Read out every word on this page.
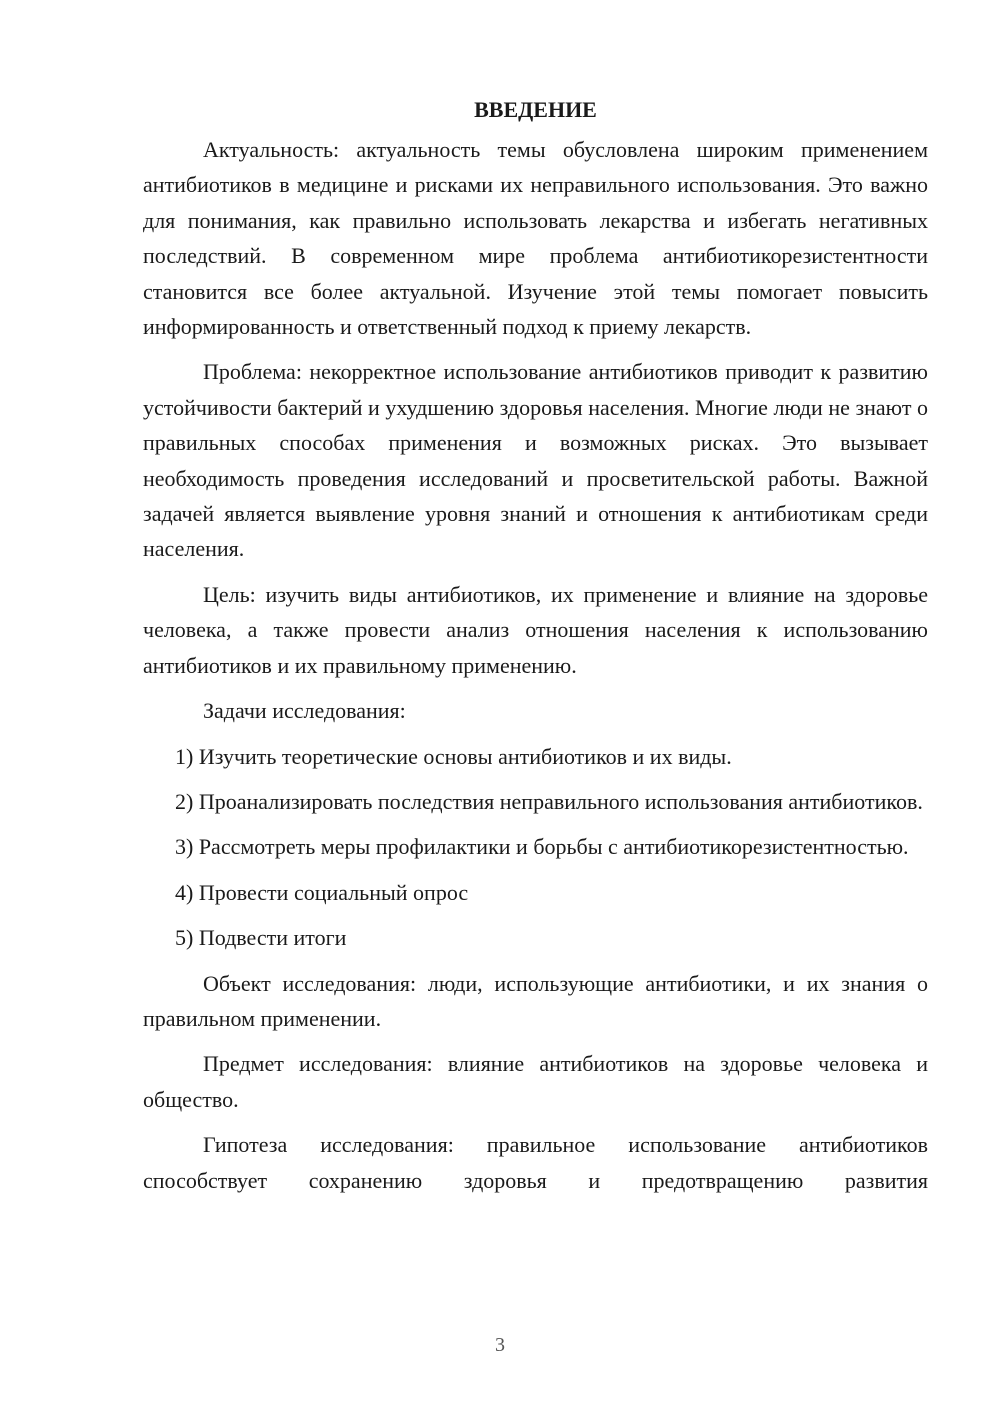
ВВЕДЕНИЕ

Актуальность: актуальность темы обусловлена широким применением антибиотиков в медицине и рисками их неправильного использования. Это важно для понимания, как правильно использовать лекарства и избегать негативных последствий. В современном мире проблема антибиотикорезистентности становится все более актуальной. Изучение этой темы помогает повысить информированность и ответственный подход к приему лекарств.

Проблема: некорректное использование антибиотиков приводит к развитию устойчивости бактерий и ухудшению здоровья населения. Многие люди не знают о правильных способах применения и возможных рисках. Это вызывает необходимость проведения исследований и просветительской работы. Важной задачей является выявление уровня знаний и отношения к антибиотикам среди населения.

Цель: изучить виды антибиотиков, их применение и влияние на здоровье человека, а также провести анализ отношения населения к использованию антибиотиков и их правильному применению.

Задачи исследования:

1) Изучить теоретические основы антибиотиков и их виды.

2) Проанализировать последствия неправильного использования антибиотиков.

3) Рассмотреть меры профилактики и борьбы с антибиотикорезистентностью.

4) Провести социальный опрос

5) Подвести итоги

Объект исследования: люди, использующие антибиотики, и их знания о правильном применении.

Предмет исследования: влияние антибиотиков на здоровье человека и общество.

Гипотеза исследования: правильное использование антибиотиков способствует сохранению здоровья и предотвращению развития

3
